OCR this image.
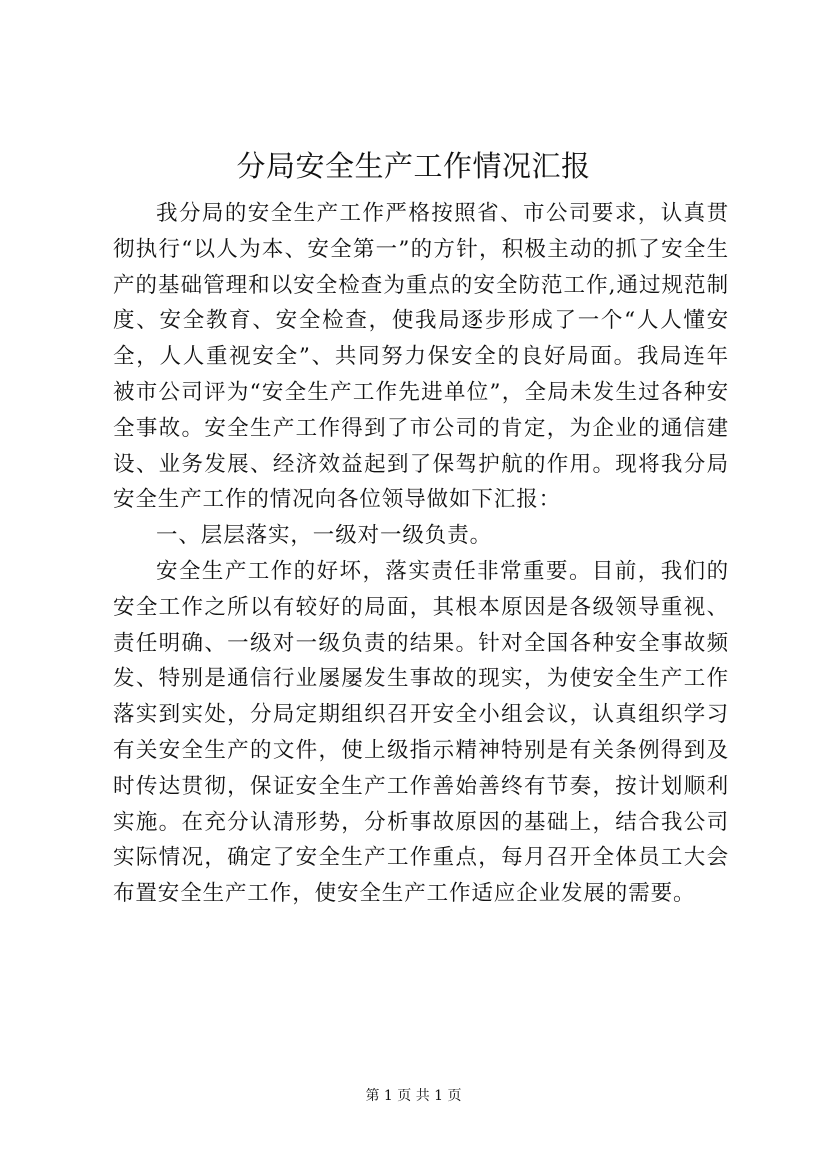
分局安全生产工作情况汇报

我分局的安全生产工作严格按照省、市公司要求，认真贯彻执行“以人为本、安全第一”的方针，积极主动的抓了安全生产的基础管理和以安全检查为重点的安全防范工作,通过规范制度、安全教育、安全检查，使我局逐步形成了一个“人人懂安全，人人重视安全”、共同努力保安全的良好局面。我局连年被市公司评为“安全生产工作先进单位”，全局未发生过各种安全事故。安全生产工作得到了市公司的肯定，为企业的通信建设、业务发展、经济效益起到了保驾护航的作用。现将我分局安全生产工作的情况向各位领导做如下汇报：

一、层层落实，一级对一级负责。

安全生产工作的好坏，落实责任非常重要。目前，我们的安全工作之所以有较好的局面，其根本原因是各级领导重视、责任明确、一级对一级负责的结果。针对全国各种安全事故频发、特别是通信行业屡屡发生事故的现实，为使安全生产工作落实到实处，分局定期组织召开安全小组会议，认真组织学习有关安全生产的文件，使上级指示精神特别是有关条例得到及时传达贯彻，保证安全生产工作善始善终有节奏，按计划顺利实施。在充分认清形势，分析事故原因的基础上，结合我公司实际情况，确定了安全生产工作重点，每月召开全体员工大会布置安全生产工作，使安全生产工作适应企业发展的需要。

第 1 页 共 1 页
